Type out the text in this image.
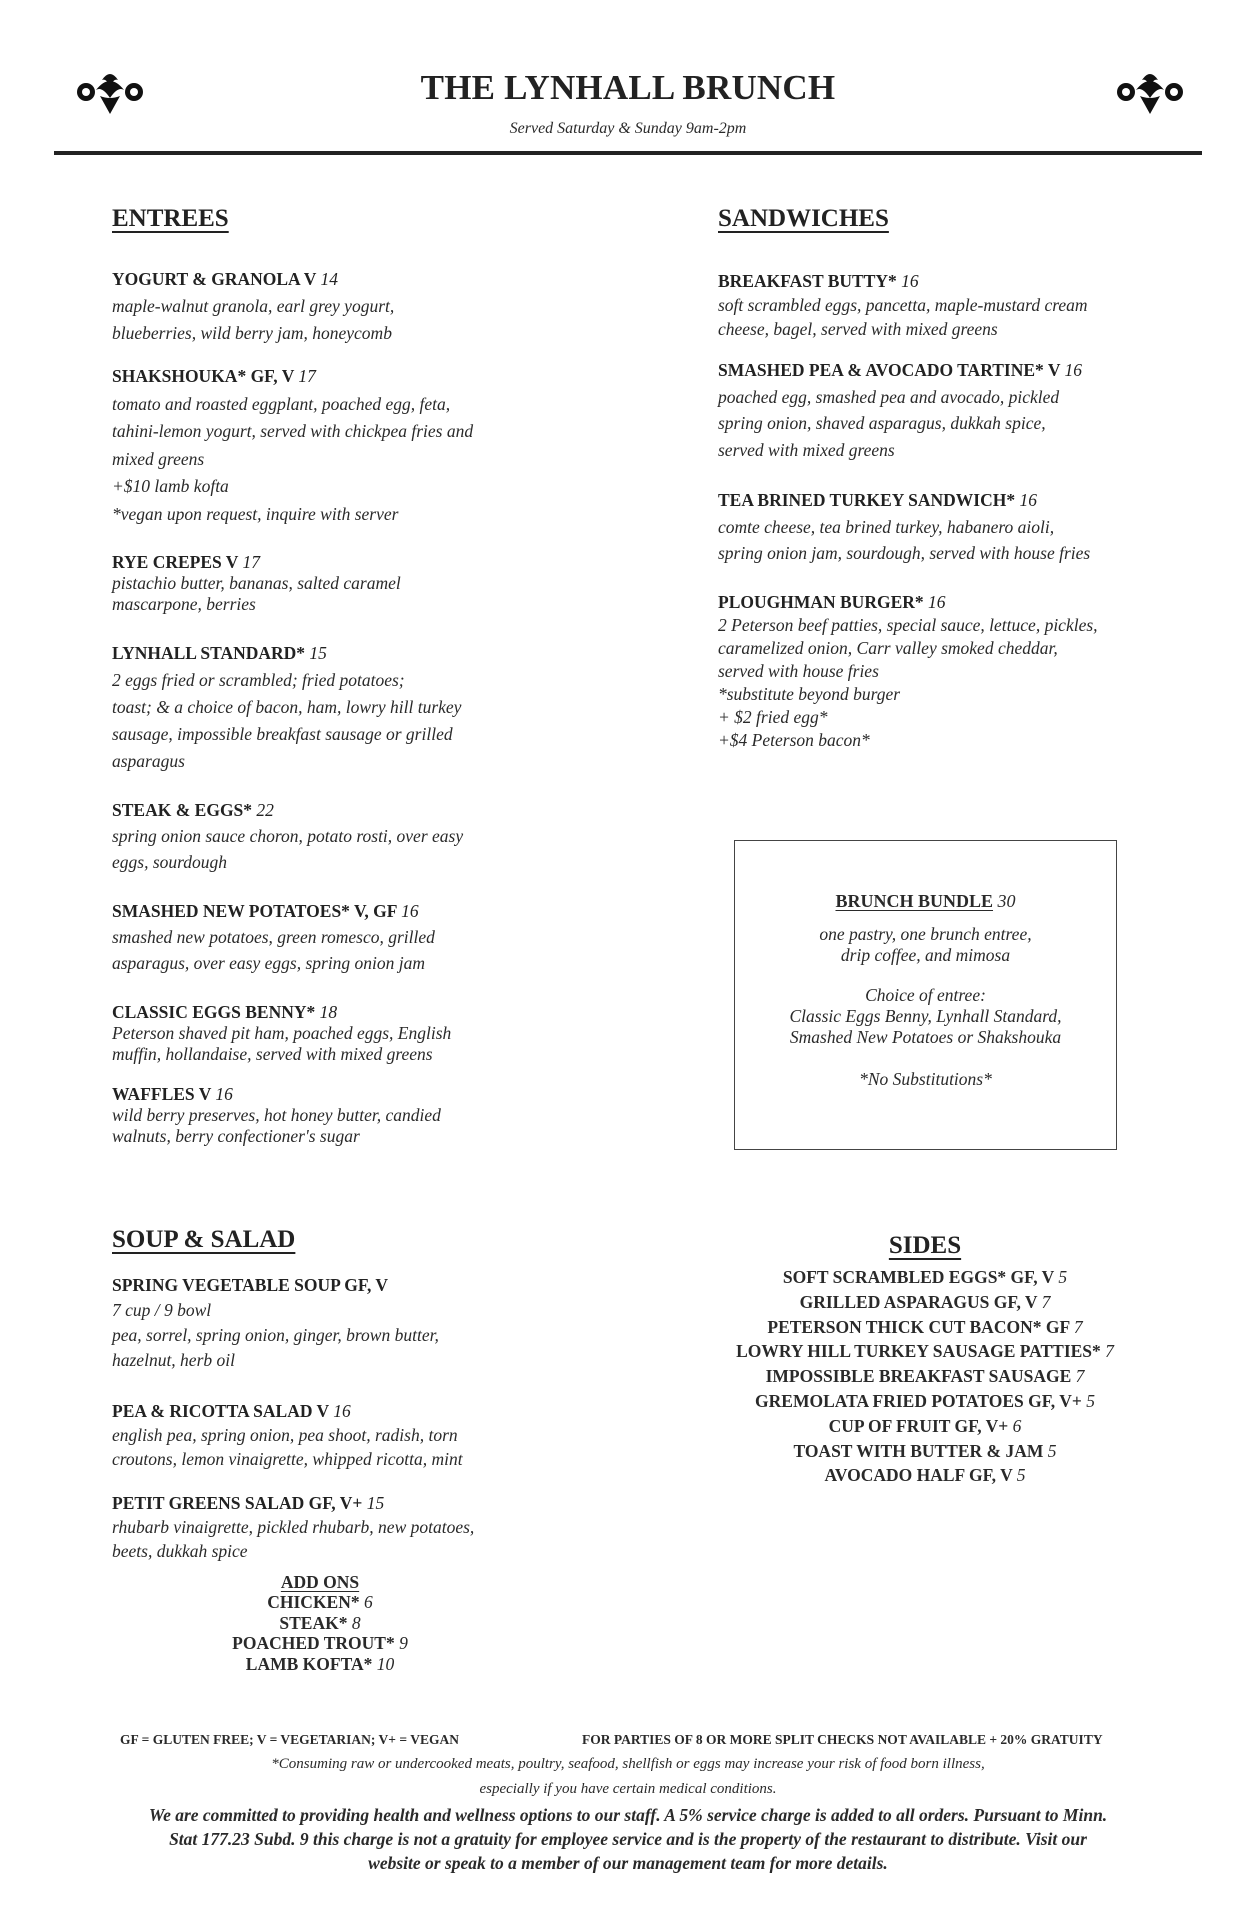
THE LYNHALL BRUNCH
Served Saturday & Sunday 9am-2pm
ENTREES
YOGURT & GRANOLA V 14
maple-walnut granola, earl grey yogurt,
blueberries, wild berry jam, honeycomb
SHAKSHOUKA* GF, V 17
tomato and roasted eggplant, poached egg, feta,
tahini-lemon yogurt, served with chickpea fries and
mixed greens
+$10 lamb kofta
*vegan upon request, inquire with server
RYE CREPES V 17
pistachio butter, bananas, salted caramel
mascarpone, berries
LYNHALL STANDARD* 15
2 eggs fried or scrambled; fried potatoes;
toast; & a choice of bacon, ham, lowry hill turkey
sausage, impossible breakfast sausage or grilled
asparagus
STEAK & EGGS* 22
spring onion sauce choron, potato rosti, over easy
eggs, sourdough
SMASHED NEW POTATOES* V, GF 16
smashed new potatoes, green romesco, grilled
asparagus, over easy eggs, spring onion jam
CLASSIC EGGS BENNY* 18
Peterson shaved pit ham, poached eggs, English
muffin, hollandaise, served with mixed greens
WAFFLES V 16
wild berry preserves, hot honey butter, candied
walnuts, berry confectioner's sugar
SANDWICHES
BREAKFAST BUTTY* 16
soft scrambled eggs, pancetta, maple-mustard cream
cheese, bagel, served with mixed greens
SMASHED PEA & AVOCADO TARTINE* V 16
poached egg, smashed pea and avocado, pickled
spring onion, shaved asparagus, dukkah spice,
served with mixed greens
TEA BRINED TURKEY SANDWICH* 16
comte cheese, tea brined turkey, habanero aioli,
spring onion jam, sourdough, served with house fries
PLOUGHMAN BURGER* 16
2 Peterson beef patties, special sauce, lettuce, pickles,
caramelized onion, Carr valley smoked cheddar,
served with house fries
*substitute beyond burger
+ $2 fried egg*
+$4 Peterson bacon*
BRUNCH BUNDLE 30
one pastry, one brunch entree,
drip coffee, and mimosa
Choice of entree:
Classic Eggs Benny, Lynhall Standard,
Smashed New Potatoes or Shakshouka
*No Substitutions*
SOUP & SALAD
SPRING VEGETABLE SOUP GF, V
7 cup / 9 bowl
pea, sorrel, spring onion, ginger, brown butter,
hazelnut, herb oil
PEA & RICOTTA SALAD V 16
english pea, spring onion, pea shoot, radish, torn
croutons, lemon vinaigrette, whipped ricotta, mint
PETIT GREENS SALAD GF, V+ 15
rhubarb vinaigrette, pickled rhubarb, new potatoes,
beets, dukkah spice
ADD ONS
CHICKEN* 6
STEAK* 8
POACHED TROUT* 9
LAMB KOFTA* 10
SIDES
SOFT SCRAMBLED EGGS* GF, V 5
GRILLED ASPARAGUS GF, V 7
PETERSON THICK CUT BACON* GF 7
LOWRY HILL TURKEY SAUSAGE PATTIES* 7
IMPOSSIBLE BREAKFAST SAUSAGE 7
GREMOLATA FRIED POTATOES GF, V+ 5
CUP OF FRUIT GF, V+ 6
TOAST WITH BUTTER & JAM 5
AVOCADO HALF GF, V 5
GF = GLUTEN FREE; V = VEGETARIAN; V+ = VEGAN	FOR PARTIES OF 8 OR MORE SPLIT CHECKS NOT AVAILABLE + 20% GRATUITY
*Consuming raw or undercooked meats, poultry, seafood, shellfish or eggs may increase your risk of food born illness,
especially if you have certain medical conditions.
We are committed to providing health and wellness options to our staff. A 5% service charge is added to all orders. Pursuant to Minn.
Stat 177.23 Subd. 9 this charge is not a gratuity for employee service and is the property of the restaurant to distribute. Visit our
website or speak to a member of our management team for more details.
